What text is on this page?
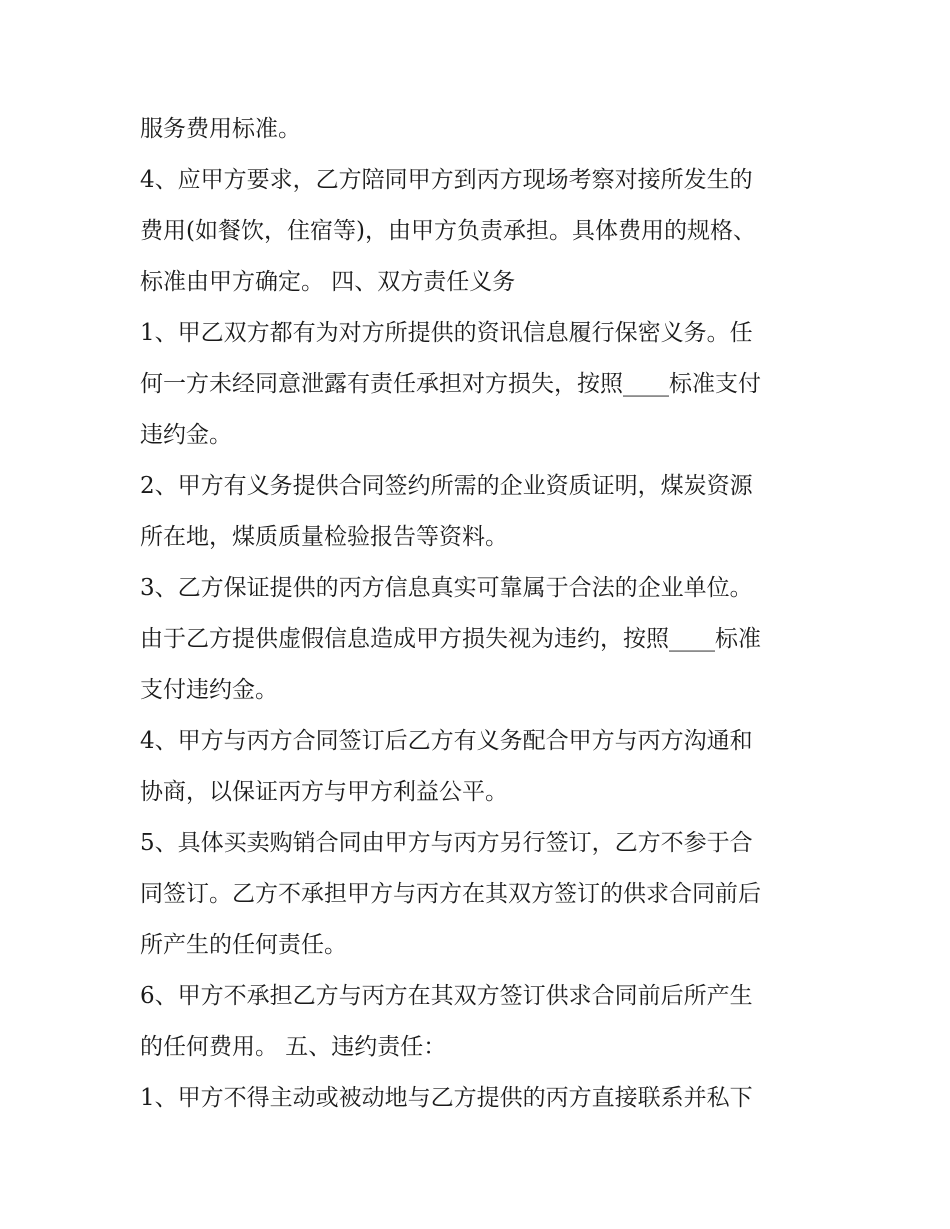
服务费用标准。
4、应甲方要求，乙方陪同甲方到丙方现场考察对接所发生的
费用(如餐饮，住宿等)，由甲方负责承担。具体费用的规格、
标准由甲方确定。 四、双方责任义务
1、甲乙双方都有为对方所提供的资讯信息履行保密义务。任
何一方未经同意泄露有责任承担对方损失，按照____标准支付
违约金。
2、甲方有义务提供合同签约所需的企业资质证明，煤炭资源
所在地，煤质质量检验报告等资料。
3、乙方保证提供的丙方信息真实可靠属于合法的企业单位。
由于乙方提供虚假信息造成甲方损失视为违约，按照____标准
支付违约金。
4、甲方与丙方合同签订后乙方有义务配合甲方与丙方沟通和
协商，以保证丙方与甲方利益公平。
5、具体买卖购销合同由甲方与丙方另行签订，乙方不参于合
同签订。乙方不承担甲方与丙方在其双方签订的供求合同前后
所产生的任何责任。
6、甲方不承担乙方与丙方在其双方签订供求合同前后所产生
的任何费用。 五、违约责任：
1、甲方不得主动或被动地与乙方提供的丙方直接联系并私下
